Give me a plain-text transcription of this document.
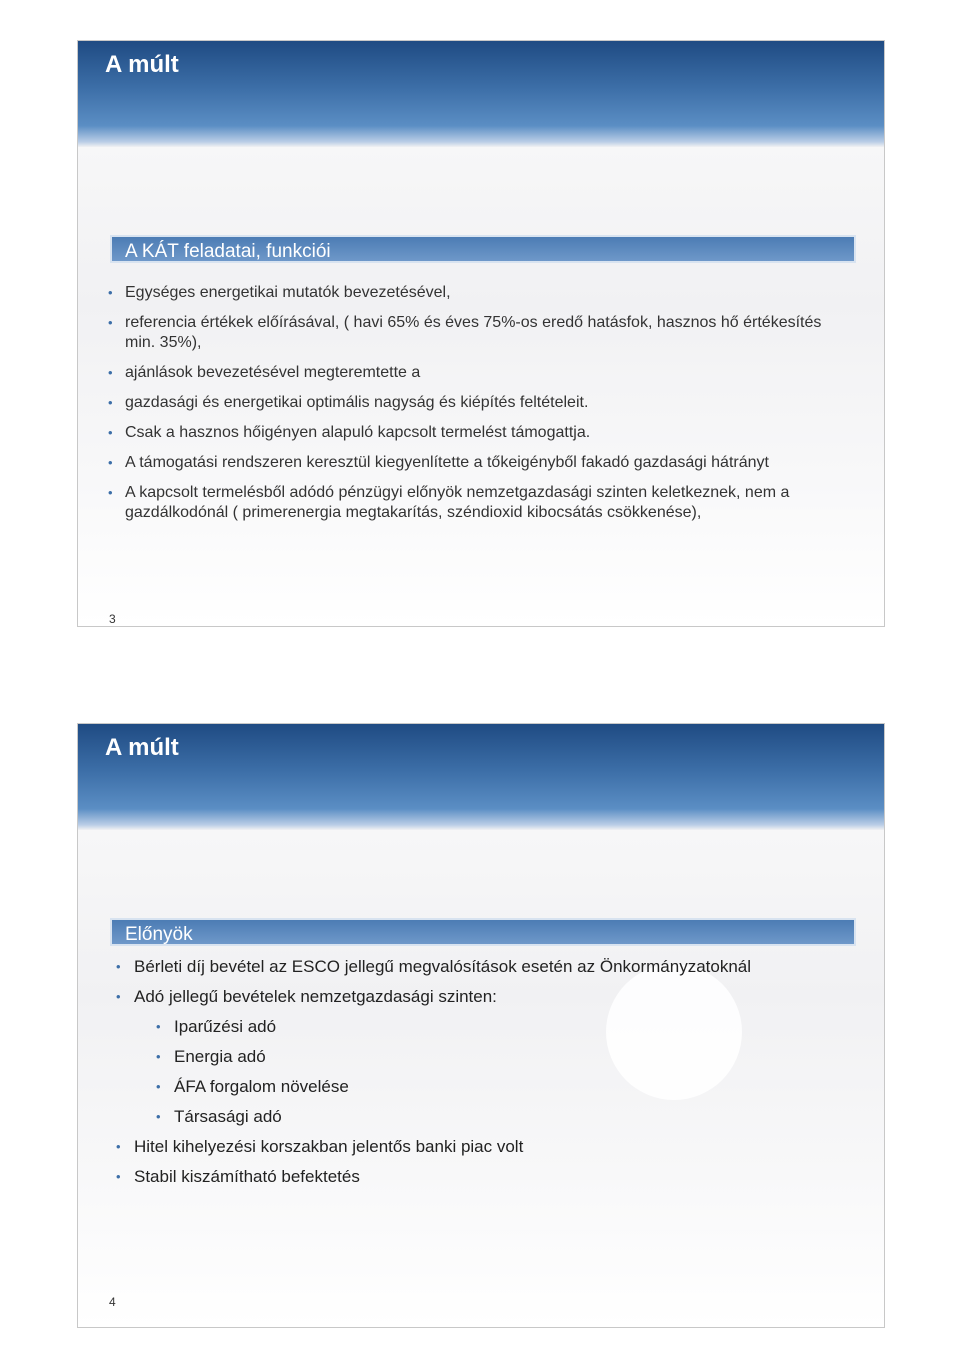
A múlt
A KÁT feladatai, funkciói
• Egységes energetikai mutatók bevezetésével,
• referencia értékek előírásával, ( havi 65% és éves 75%-os eredő hatásfok, hasznos hő értékesítés min. 35%),
• ajánlások bevezetésével megteremtette a
• gazdasági és energetikai optimális nagyság és kiépítés feltételeit.
• Csak a hasznos hőigényen alapuló kapcsolt termelést támogattja.
• A támogatási rendszeren keresztül kiegyenlítette a tőkeigényből fakadó gazdasági hátrányt
• A kapcsolt termelésből adódó pénzügyi előnyök nemzetgazdasági szinten keletkeznek, nem a gazdálkodónál ( primerenergia megtakarítás, széndioxid kibocsátás csökkenése),
3
A múlt
Előnyök
• Bérleti díj bevétel az ESCO jellegű megvalósítások esetén az Önkormányzatoknál
• Adó jellegű bevételek nemzetgazdasági szinten:
• Iparűzési adó
• Energia adó
• ÁFA forgalom növelése
• Társasági adó
• Hitel kihelyezési korszakban jelentős banki piac volt
• Stabil kiszámítható befektetés
4
